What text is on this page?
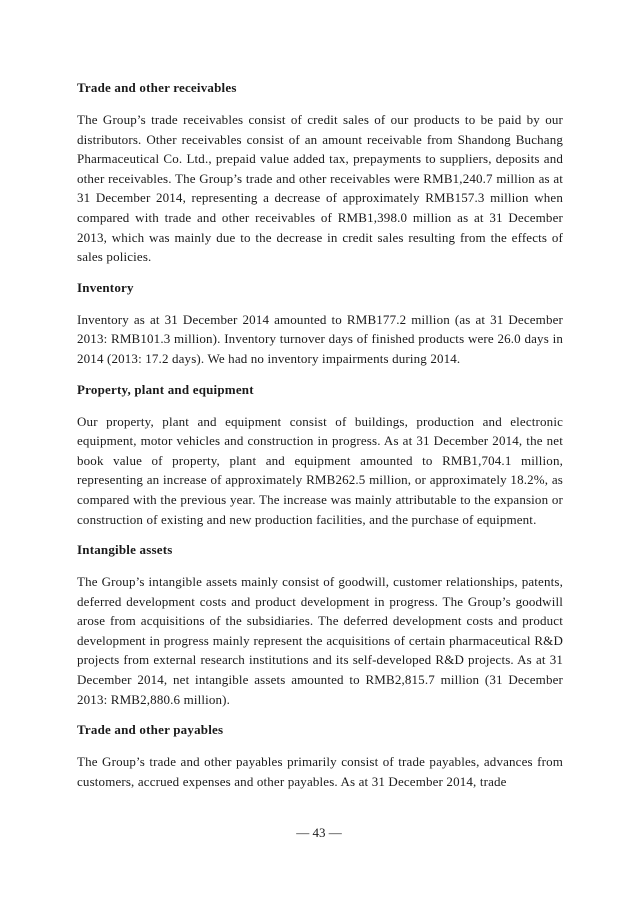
Trade and other receivables
The Group’s trade receivables consist of credit sales of our products to be paid by our distributors. Other receivables consist of an amount receivable from Shandong Buchang Pharmaceutical Co. Ltd., prepaid value added tax, prepayments to suppliers, deposits and other receivables. The Group’s trade and other receivables were RMB1,240.7 million as at 31 December 2014, representing a decrease of approximately RMB157.3 million when compared with trade and other receivables of RMB1,398.0 million as at 31 December 2013, which was mainly due to the decrease in credit sales resulting from the effects of sales policies.
Inventory
Inventory as at 31 December 2014 amounted to RMB177.2 million (as at 31 December 2013: RMB101.3 million). Inventory turnover days of finished products were 26.0 days in 2014 (2013: 17.2 days). We had no inventory impairments during 2014.
Property, plant and equipment
Our property, plant and equipment consist of buildings, production and electronic equipment, motor vehicles and construction in progress. As at 31 December 2014, the net book value of property, plant and equipment amounted to RMB1,704.1 million, representing an increase of approximately RMB262.5 million, or approximately 18.2%, as compared with the previous year. The increase was mainly attributable to the expansion or construction of existing and new production facilities, and the purchase of equipment.
Intangible assets
The Group’s intangible assets mainly consist of goodwill, customer relationships, patents, deferred development costs and product development in progress. The Group’s goodwill arose from acquisitions of the subsidiaries. The deferred development costs and product development in progress mainly represent the acquisitions of certain pharmaceutical R&D projects from external research institutions and its self-developed R&D projects. As at 31 December 2014, net intangible assets amounted to RMB2,815.7 million (31 December 2013: RMB2,880.6 million).
Trade and other payables
The Group’s trade and other payables primarily consist of trade payables, advances from customers, accrued expenses and other payables. As at 31 December 2014, trade
— 43 —
